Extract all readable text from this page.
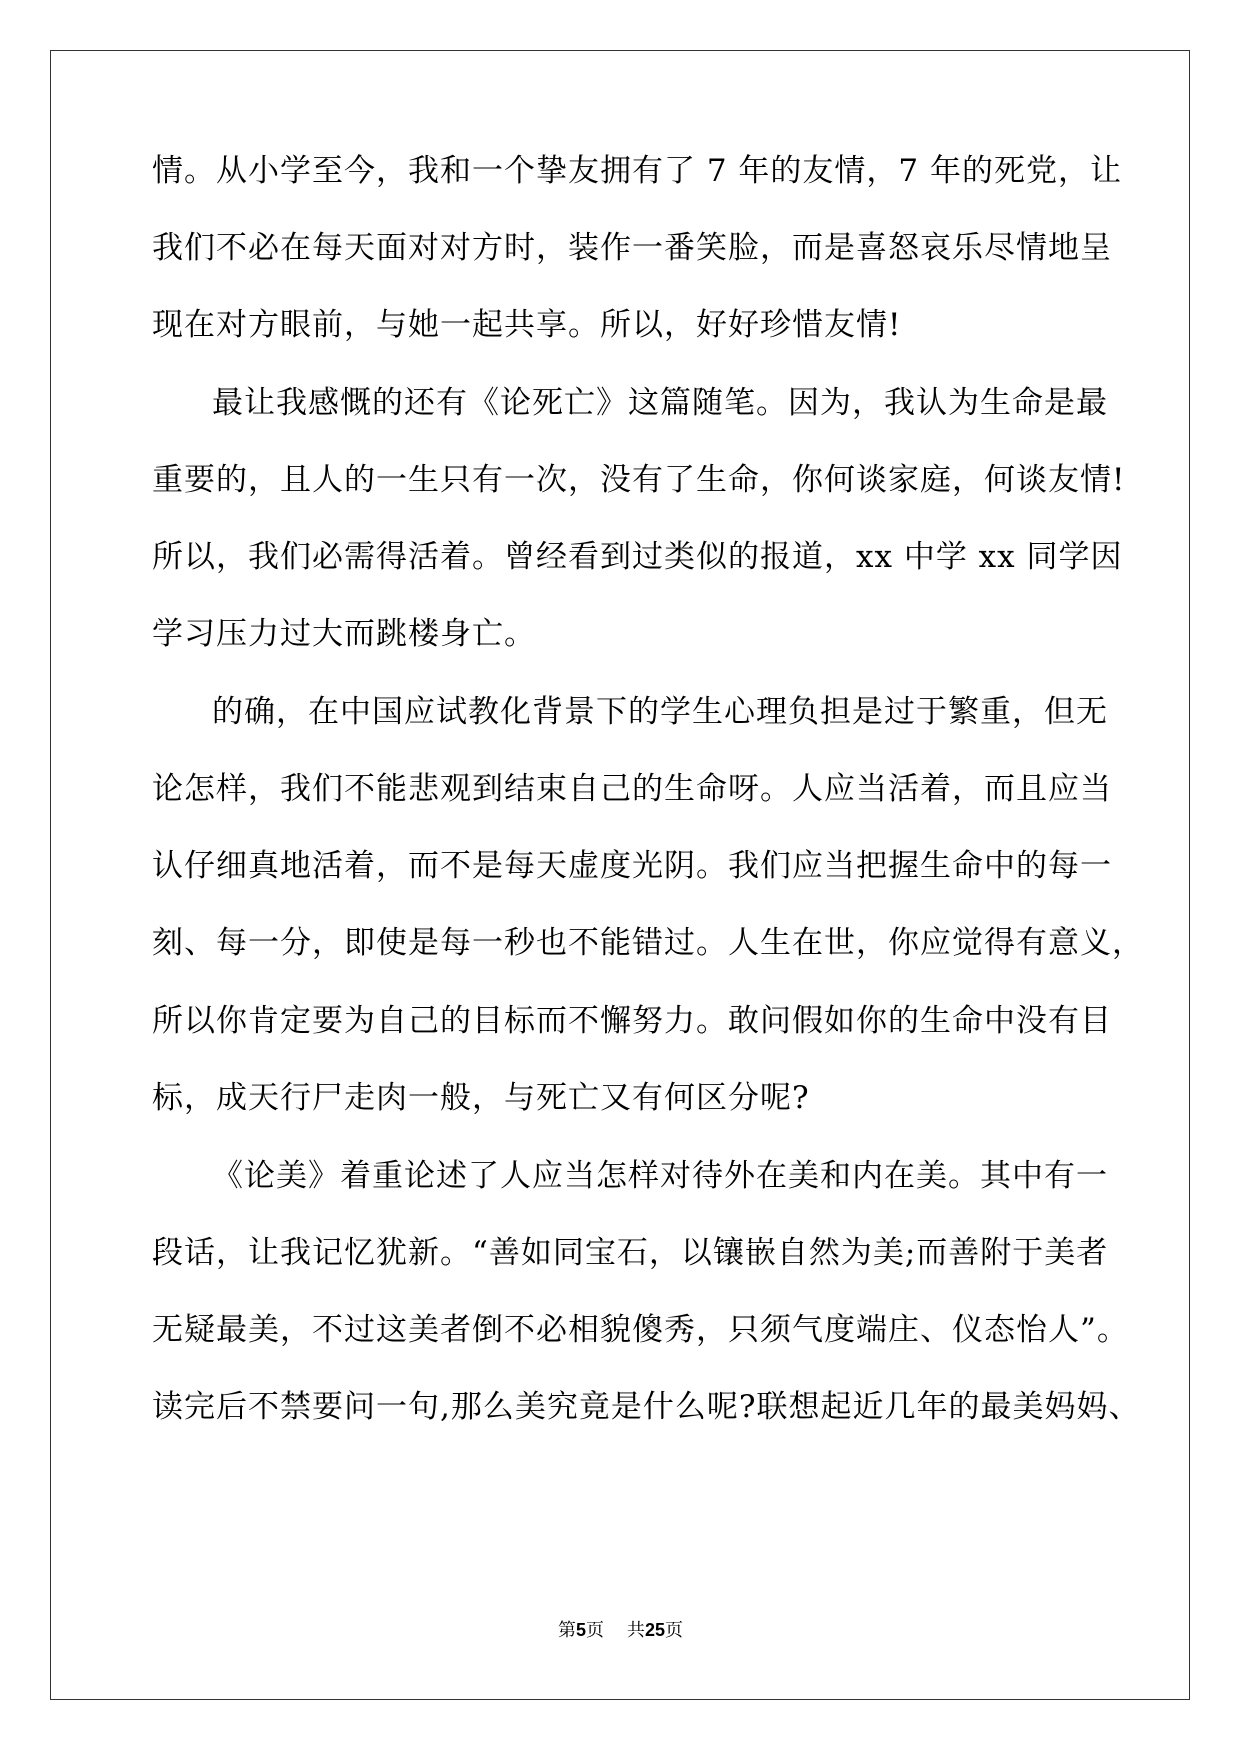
情。从小学至今，我和一个挚友拥有了 7 年的友情，7 年的死党，让
我们不必在每天面对对方时，装作一番笑脸，而是喜怒哀乐尽情地呈
现在对方眼前，与她一起共享。所以，好好珍惜友情!
最让我感慨的还有《论死亡》这篇随笔。因为，我认为生命是最
重要的，且人的一生只有一次，没有了生命，你何谈家庭，何谈友情!
所以，我们必需得活着。曾经看到过类似的报道，xx 中学 xx 同学因
学习压力过大而跳楼身亡。
的确，在中国应试教化背景下的学生心理负担是过于繁重，但无
论怎样，我们不能悲观到结束自己的生命呀。人应当活着，而且应当
认仔细真地活着，而不是每天虚度光阴。我们应当把握生命中的每一
刻、每一分，即使是每一秒也不能错过。人生在世，你应觉得有意义，
所以你肯定要为自己的目标而不懈努力。敢问假如你的生命中没有目
标，成天行尸走肉一般，与死亡又有何区分呢?
《论美》着重论述了人应当怎样对待外在美和内在美。其中有一
段话，让我记忆犹新。“善如同宝石，以镶嵌自然为美;而善附于美者
无疑最美，不过这美者倒不必相貌傻秀，只须气度端庄、仪态怡人”。
读完后不禁要问一句,那么美究竟是什么呢?联想起近几年的最美妈妈、
第5页    共25页
